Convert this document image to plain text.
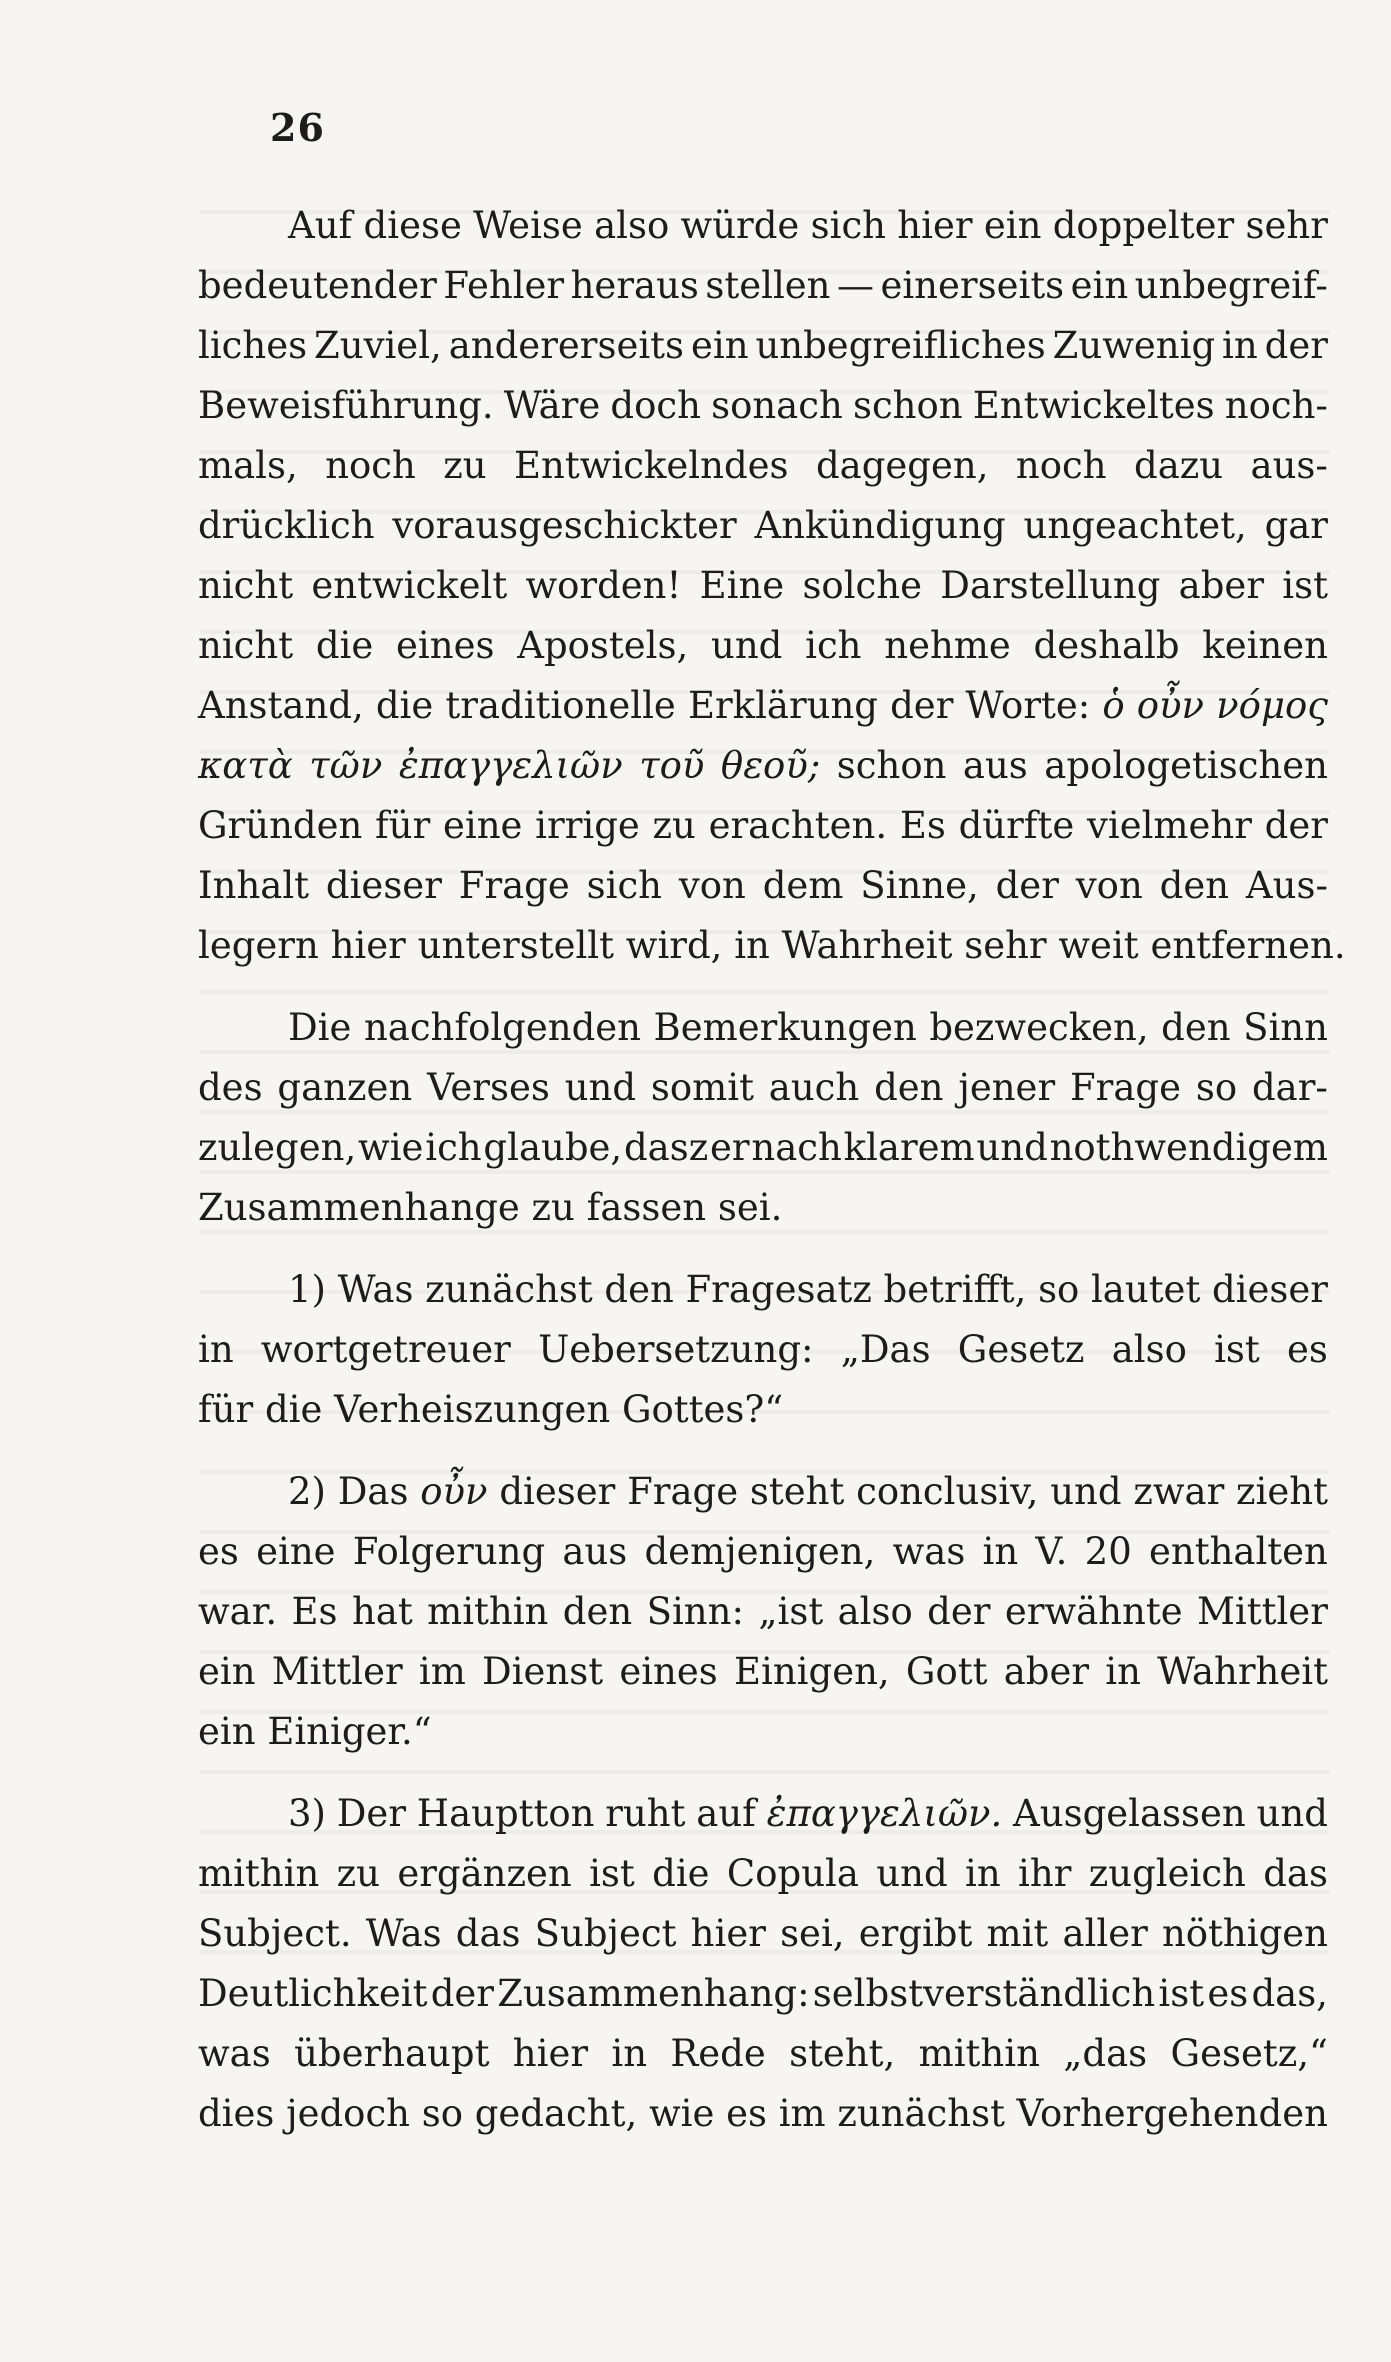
26
Auf diese Weise also würde sich hier ein doppelter sehr
bedeutender Fehler heraus stellen — einerseits ein unbegreif-
liches Zuviel, andererseits ein unbegreifliches Zuwenig in der
Beweisführung. Wäre doch sonach schon Entwickeltes noch-
mals, noch zu Entwickelndes dagegen, noch dazu aus-
drücklich vorausgeschickter Ankündigung ungeachtet, gar
nicht entwickelt worden! Eine solche Darstellung aber ist
nicht die eines Apostels, und ich nehme deshalb keinen
Anstand, die traditionelle Erklärung der Worte: ὁ οὖν νόμος
κατὰ τῶν ἐπαγγελιῶν τοῦ θεοῦ; schon aus apologetischen
Gründen für eine irrige zu erachten. Es dürfte vielmehr der
Inhalt dieser Frage sich von dem Sinne, der von den Aus-
legern
hier
unterstellt
wird,
in
Wahrheit
sehr
weit
entfernen.
Die nachfolgenden Bemerkungen bezwecken, den Sinn
des ganzen Verses und somit auch den jener Frage so dar-
zulegen, wie ich glaube, dasz er nach klarem und nothwendigem
Zusammenhange
zu
fassen
sei.
1) Was zunächst den Fragesatz betrifft, so lautet dieser
in wortgetreuer Uebersetzung: „Das Gesetz also ist es
für
die
Verheiszungen
Gottes?“
2) Das οὖν dieser Frage steht conclusiv, und zwar zieht
es eine Folgerung aus demjenigen, was in V. 20 enthalten
war. Es hat mithin den Sinn: „ist also der erwähnte Mittler
ein Mittler im Dienst eines Einigen, Gott aber in Wahrheit
ein
Einiger.“
3) Der Hauptton ruht auf ἐπαγγελιῶν. Ausgelassen und
mithin zu ergänzen ist die Copula und in ihr zugleich das
Subject. Was das Subject hier sei, ergibt mit aller nöthigen
Deutlichkeit der Zusammenhang: selbstverständlich ist es das,
was überhaupt hier in Rede steht, mithin „das Gesetz,“
dies jedoch so gedacht, wie es im zunächst Vorhergehenden
